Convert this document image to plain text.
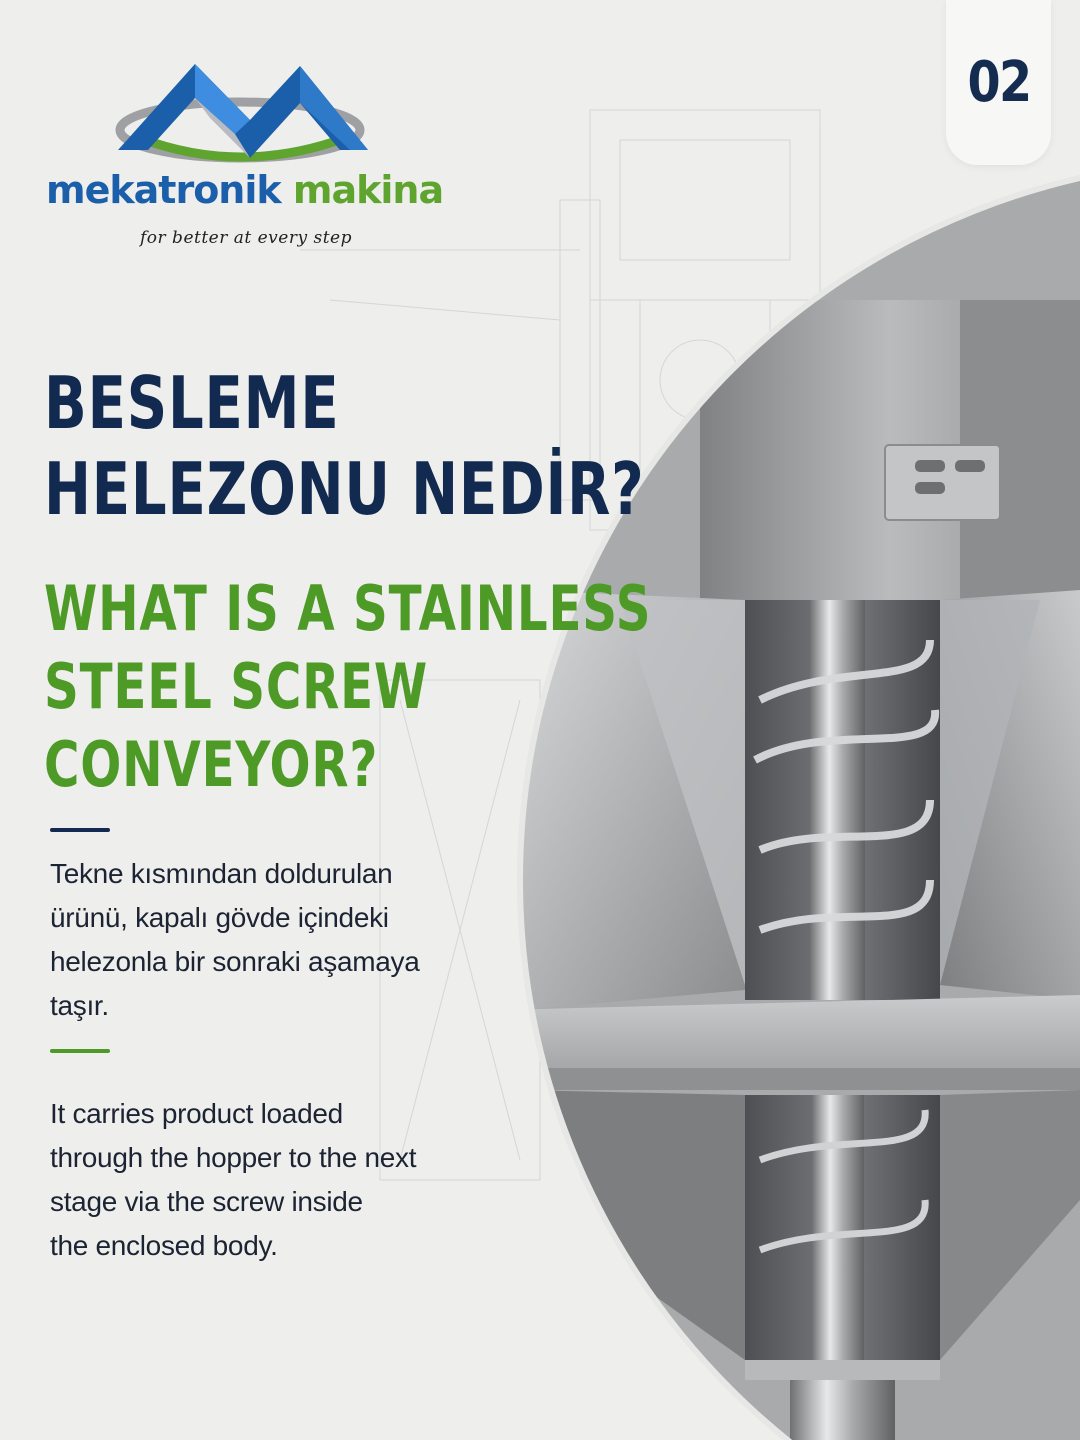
02
mekatronik makina
for better at every step
BESLEME
HELEZONU NEDİR?
WHAT IS A STAINLESS
STEEL SCREW
CONVEYOR?

Tekne kısmından doldurulan
ürünü, kapalı gövde içindeki
helezonla bir sonraki aşamaya
taşır.

It carries product loaded
through the hopper to the next
stage via the screw inside
the enclosed body.
